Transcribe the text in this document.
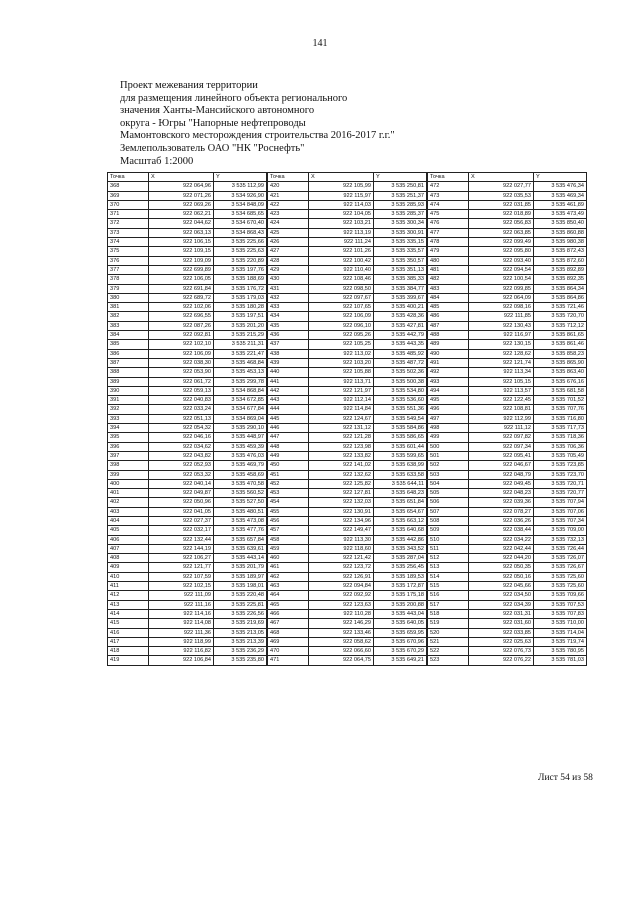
141
Проект межевания территории
для размещения линейного объекта регионального
значения Ханты-Мансийского автономного
округа - Югры "Напорные нефтепроводы
Мамонтовского месторождения строительства 2016-2017 г.г."
Землепользователь ОАО "НК "Роснефть"
Масштаб 1:2000
Точка	X	Y
368	922 064,96	3 535 112,99
369	922 071,26	3 534 926,90
370	922 069,26	3 534 848,09
371	922 062,21	3 534 685,65
372	922 044,62	3 534 670,40
373	922 063,13	3 534 868,43
374	922 106,15	3 535 225,66
375	922 109,15	3 535 225,63
376	922 109,09	3 535 220,89
377	922 699,89	3 535 197,76
378	922 106,05	3 535 188,69
379	922 691,84	3 535 176,72
380	922 689,72	3 535 179,03
381	922 102,06	3 535 180,28
382	922 696,55	3 535 197,51
383	922 087,26	3 535 201,20
384	922 092,81	3 535 215,29
385	922 102,10	3 535 211,31
386	922 106,09	3 535 221,47
387	922 038,30	3 535 468,84
388	922 053,90	3 535 453,13
389	922 061,72	3 535 299,78
390	922 059,13	3 534 868,84
391	922 040,83	3 534 672,85
392	922 033,24	3 534 677,84
393	922 051,13	3 534 869,04
394	922 054,32	3 535 290,10
395	922 046,16	3 535 448,97
396	922 034,62	3 535 459,39
397	922 043,82	3 535 476,03
398	922 052,93	3 535 469,79
399	922 053,32	3 535 458,69
400	922 040,14	3 535 470,58
401	922 049,87	3 535 560,52
402	922 050,96	3 535 527,50
403	922 041,05	3 535 480,51
404	922 027,37	3 535 473,08
405	922 032,17	3 535 477,76
406	922 132,44	3 535 657,84
407	922 144,19	3 535 639,61
408	922 106,27	3 535 443,14
409	922 121,77	3 535 201,79
410	922 107,59	3 535 189,97
411	922 102,15	3 535 198,01
412	922 111,09	3 535 220,48
413	922 111,16	3 535 225,81
414	922 114,16	3 535 226,56
415	922 114,08	3 535 219,69
416	922 111,36	3 535 213,05
417	922 118,99	3 535 213,39
418	922 116,82	3 535 236,29
419	922 106,84	3 535 235,80
Точка	X	Y
420	922 105,99	3 535 250,81
421	922 115,97	3 535 251,37
422	922 114,03	3 535 285,93
423	922 104,05	3 535 285,37
424	922 103,21	3 535 300,34
425	922 113,19	3 535 300,91
426	922 111,24	3 535 335,15
427	922 101,26	3 535 335,57
428	922 100,42	3 535 350,57
429	922 110,40	3 535 351,13
430	922 108,46	3 535 385,33
431	922 098,50	3 535 384,77
432	922 097,67	3 535 399,67
433	922 107,65	3 535 400,21
434	922 106,09	3 535 428,36
435	922 096,10	3 535 427,81
436	922 095,26	3 535 442,79
437	922 105,25	3 535 443,35
438	922 113,02	3 535 485,92
439	922 103,20	3 535 487,72
440	922 105,88	3 535 502,36
441	922 113,71	3 535 500,38
442	922 121,97	3 535 534,80
443	922 112,14	3 535 536,60
444	922 114,84	3 535 551,36
445	922 124,67	3 535 549,54
446	922 131,12	3 535 584,86
447	922 121,28	3 535 586,65
448	922 123,98	3 535 601,44
449	922 133,82	3 535 599,65
450	922 141,02	3 535 638,99
451	922 132,62	3 535 633,58
452	922 125,82	3 535 644,11
453	922 127,81	3 535 648,23
454	922 132,03	3 535 651,84
455	922 130,91	3 535 654,67
456	922 134,96	3 535 663,12
457	922 149,47	3 535 640,68
458	922 113,30	3 535 442,86
459	922 118,60	3 535 343,52
460	922 121,42	3 535 287,04
461	922 123,72	3 535 256,45
462	922 126,91	3 535 189,53
463	922 094,84	3 535 172,87
464	922 092,92	3 535 175,18
465	922 123,63	3 535 200,88
466	922 110,28	3 535 443,04
467	922 146,29	3 535 640,05
468	922 133,46	3 535 659,95
469	922 058,62	3 535 670,96
470	922 066,60	3 535 670,29
471	922 064,75	3 535 649,21
Точка	X	Y
472	922 027,77	3 535 476,34
473	922 035,53	3 535 469,34
474	922 031,85	3 535 461,89
475	922 018,89	3 535 473,49
476	922 056,83	3 535 850,40
477	922 063,85	3 535 860,88
478	922 099,49	3 535 980,38
479	922 095,80	3 535 872,43
480	922 093,40	3 535 872,60
481	922 094,54	3 535 892,89
482	922 100,54	3 535 892,35
483	922 099,85	3 535 864,34
484	922 064,09	3 535 864,86
485	922 098,16	3 535 721,46
486	922 111,85	3 535 720,70
487	922 130,43	3 535 712,12
488	922 116,97	3 535 861,65
489	922 130,15	3 535 861,46
490	922 128,62	3 535 858,23
491	922 121,74	3 535 865,90
492	922 113,34	3 535 863,40
493	922 105,15	3 535 676,16
494	922 113,57	3 535 681,58
495	922 122,45	3 535 701,52
496	922 108,81	3 535 707,76
497	922 112,99	3 535 716,80
498	922 111,12	3 535 717,73
499	922 097,82	3 535 718,36
500	922 097,34	3 535 706,36
501	922 095,41	3 535 705,49
502	922 046,67	3 535 723,85
503	922 048,79	3 535 723,70
504	922 049,45	3 535 720,71
505	922 048,23	3 535 720,77
506	922 039,36	3 535 707,94
507	922 078,27	3 535 707,06
508	922 036,26	3 535 707,34
509	922 038,44	3 535 709,00
510	922 034,22	3 535 732,13
511	922 042,44	3 535 726,44
512	922 044,20	3 535 726,07
513	922 050,35	3 535 726,67
514	922 050,16	3 535 725,60
515	922 045,66	3 535 725,60
516	922 034,50	3 535 709,66
517	922 034,39	3 535 707,53
518	922 031,31	3 535 707,83
519	922 031,60	3 535 710,00
520	922 033,85	3 535 714,04
521	922 025,63	3 535 719,74
522	922 076,73	3 535 780,95
523	922 076,22	3 535 781,03
Лист 54 из 58
